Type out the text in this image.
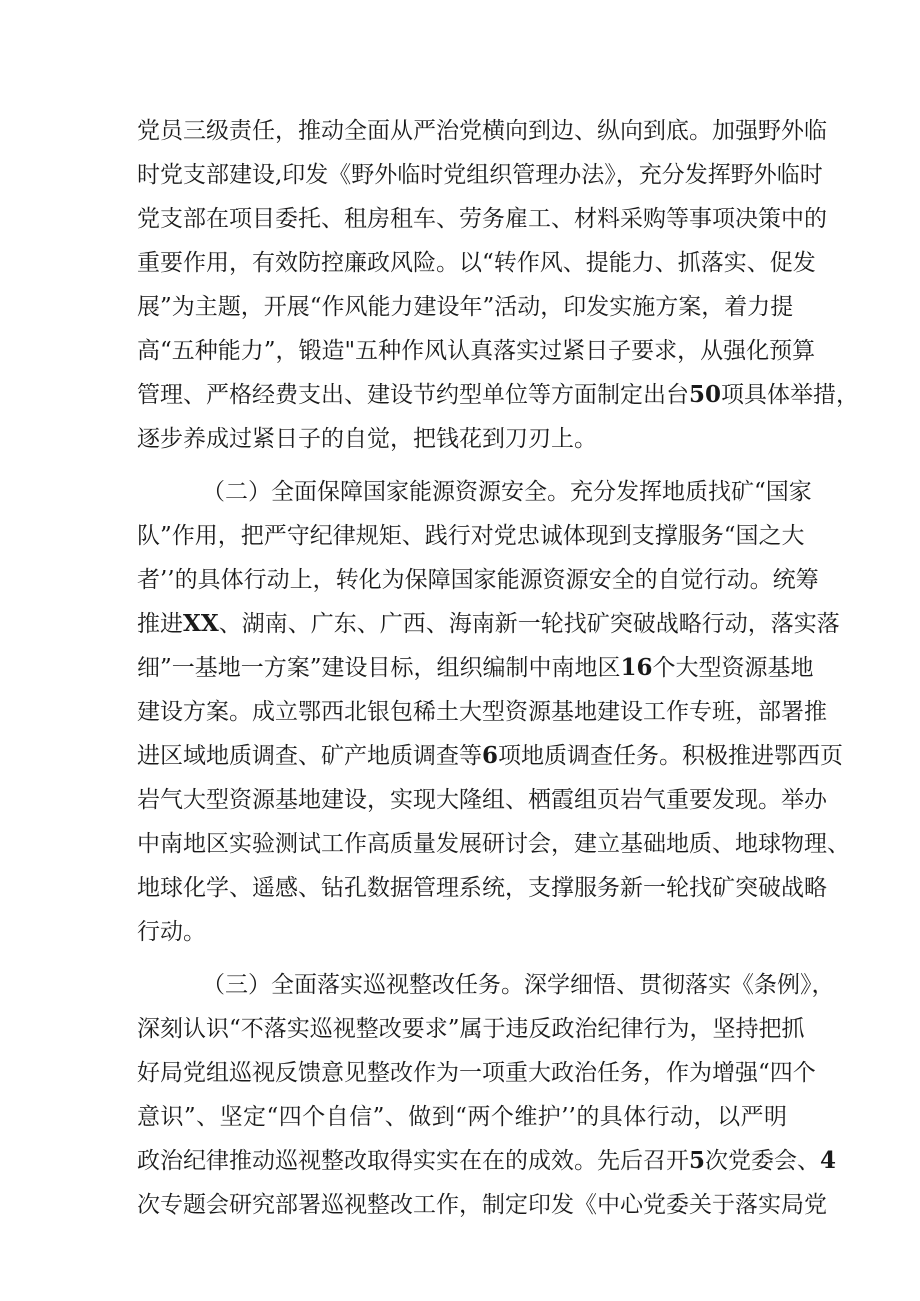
党员三级责任，推动全面从严治党横向到边、纵向到底。加强野外临
时党支部建设,印发《野外临时党组织管理办法》，充分发挥野外临时
党支部在项目委托、租房租车、劳务雇工、材料采购等事项决策中的
重要作用，有效防控廉政风险。以“转作风、提能力、抓落实、促发
展”为主题，开展“作风能力建设年”活动，印发实施方案，着力提
高“五种能力”，锻造"五种作风认真落实过紧日子要求，从强化预算
管理、严格经费支出、建设节约型单位等方面制定出台50项具体举措，
逐步养成过紧日子的自觉，把钱花到刀刃上。
（二）全面保障国家能源资源安全。充分发挥地质找矿“国家
队”作用，把严守纪律规矩、践行对党忠诚体现到支撑服务“国之大
者’’的具体行动上，转化为保障国家能源资源安全的自觉行动。统筹
推进XX、湖南、广东、广西、海南新一轮找矿突破战略行动，落实落
细”一基地一方案”建设目标，组织编制中南地区16个大型资源基地
建设方案。成立鄂西北银包稀土大型资源基地建设工作专班，部署推
进区域地质调查、矿产地质调查等6项地质调查任务。积极推进鄂西页
岩气大型资源基地建设，实现大隆组、栖霞组页岩气重要发现。举办
中南地区实验测试工作高质量发展研讨会，建立基础地质、地球物理、
地球化学、遥感、钻孔数据管理系统，支撑服务新一轮找矿突破战略
行动。
（三）全面落实巡视整改任务。深学细悟、贯彻落实《条例》，
深刻认识“不落实巡视整改要求”属于违反政治纪律行为，坚持把抓
好局党组巡视反馈意见整改作为一项重大政治任务，作为增强“四个
意识”、坚定“四个自信”、做到“两个维护’’的具体行动，以严明
政治纪律推动巡视整改取得实实在在的成效。先后召开5次党委会、4
次专题会研究部署巡视整改工作，制定印发《中心党委关于落实局党
